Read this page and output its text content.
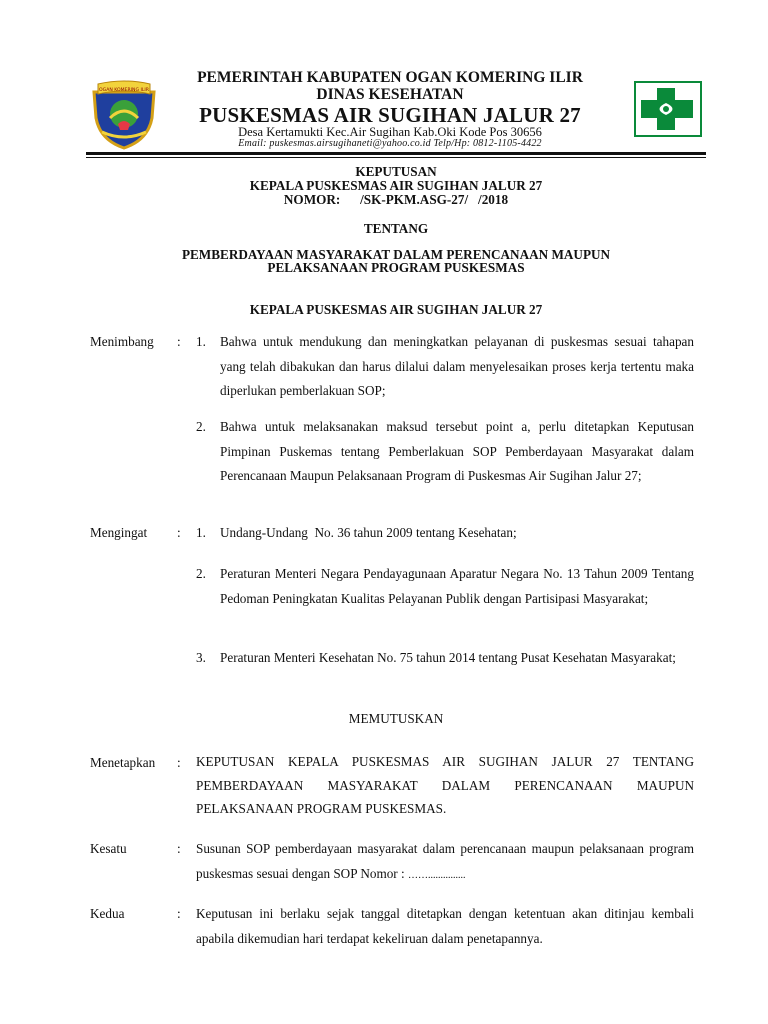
OGAN KOMERING ILIR
PEMERINTAH KABUPATEN OGAN KOMERING ILIR
DINAS KESEHATAN
PUSKESMAS AIR SUGIHAN JALUR 27
Desa Kertamukti Kec.Air Sugihan Kab.Oki Kode Pos 30656
Email: puskesmas.airsugihaneti@yahoo.co.id Telp/Hp: 0812-1105-4422
KEPUTUSAN
KEPALA PUSKESMAS AIR SUGIHAN JALUR 27
NOMOR:      /SK-PKM.ASG-27/   /2018
TENTANG
PEMBERDAYAAN MASYARAKAT DALAM PERENCANAAN MAUPUN
PELAKSANAAN PROGRAM PUSKESMAS
KEPALA PUSKESMAS AIR SUGIHAN JALUR 27
Menimbang : 1. Bahwa untuk mendukung dan meningkatkan pelayanan di puskesmas sesuai tahapan yang telah dibakukan dan harus dilalui dalam menyelesaikan proses kerja tertentu maka diperlukan pemberlakuan SOP;
2. Bahwa untuk melaksanakan maksud tersebut point a, perlu ditetapkan Keputusan Pimpinan Puskemas tentang Pemberlakuan SOP Pemberdayaan Masyarakat dalam Perencanaan Maupun Pelaksanaan Program di Puskesmas Air Sugihan Jalur 27;
Mengingat : 1. Undang-Undang  No. 36 tahun 2009 tentang Kesehatan;
2. Peraturan Menteri Negara Pendayagunaan Aparatur Negara No. 13 Tahun 2009 Tentang Pedoman Peningkatan Kualitas Pelayanan Publik dengan Partisipasi Masyarakat;
3. Peraturan Menteri Kesehatan No. 75 tahun 2014 tentang Pusat Kesehatan Masyarakat;
MEMUTUSKAN
Menetapkan : KEPUTUSAN KEPALA PUSKESMAS AIR SUGIHAN JALUR 27 TENTANG PEMBERDAYAAN MASYARAKAT DALAM PERENCANAAN MAUPUN PELAKSANAAN PROGRAM PUSKESMAS.
Kesatu	: Susunan SOP pemberdayaan masyarakat dalam perencanaan maupun pelaksanaan program puskesmas sesuai dengan SOP Nomor : ……...............
Kedua	: Keputusan ini berlaku sejak tanggal ditetapkan dengan ketentuan akan ditinjau kembali apabila dikemudian hari terdapat kekeliruan dalam penetapannya.
